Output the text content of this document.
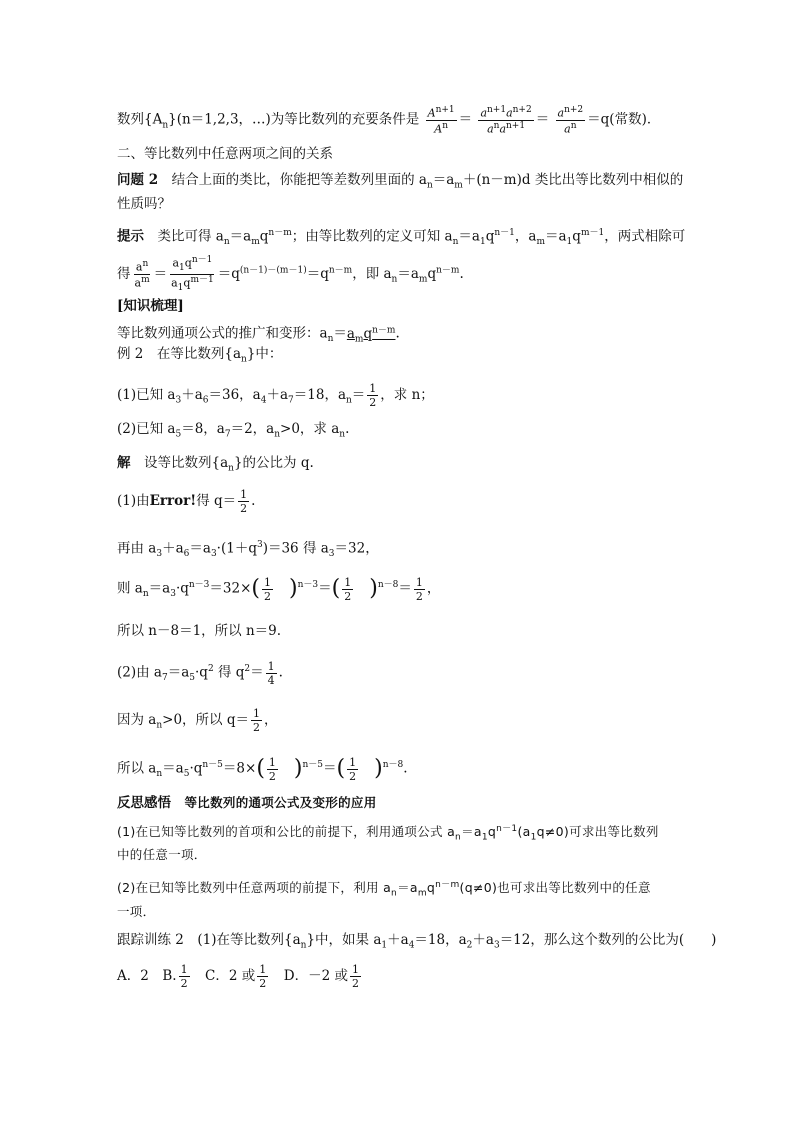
数列$\{A_n\}(n=1,2,3$，…)为等比数列的充要条件是 $\frac{A^{n+1}}{A^n} = \frac{a^{n+1}a^{n+2}}{a^na^{n+1}} = \frac{a^{n+2}}{a^n} =q$(常数)．
二、等比数列中任意两项之间的关系
问题 2　 结合上面的类比，你能把等差数列里面的 $a_n=a_m+(n-m)d$ 类比出等比数列中相似的
性质吗？
提示　 类比可得 $a_n=a_mq^{n-m}$；由等比数列的定义可知 $a_n=a_1q^{n-1}$，$a_m=a_1q^{m-1}$，两式相除可
得 $\frac{a^n}{a^m} = \frac{a_1q^{n-1}}{a_1q^{m-1}} =q^{(n-1)-(m-1)}=q^{n-m}$，即 $a_n=a_mq^{n-m}$.
[知识梳理]
等比数列通项公式的推广和变形：$a_n=a_mq^{n-m}$.
例 2　 在等比数列$\{a_n\}$中：
(1)已知 $a_3+a_6=36$，$a_4+a_7=18$，$a_n= \frac{1}{2}$ ，求 n；
(2)已知 $a_5=8$，$a_7=2$，$a_n>0$，求 $a_n$.
解　 设等比数列$\{a_n\}$的公比为 q.
(1)由Error!得 $q= \frac{1}{2}$ .
再由 $a_3+a_6=a_3\cdot(1+q^3)=36$ 得 $a_3=32$，
则 $a_n=a_3\cdot q^{n-3}=32\times( \frac{1}{2} )^{n-3}=( \frac{1}{2} )^{n-8}= \frac{1}{2}$ ，
所以 n－8＝1，所以 n＝9.
(2)由 $a_7=a_5\cdot q^2$ 得 $q^2= \frac{1}{4}$ .
因为 $a_n>0$，所以 $q= \frac{1}{2}$ ，
所以 $a_n=a_5\cdot q^{n-5}=8\times( \frac{1}{2} )^{n-5}=( \frac{1}{2} )^{n-8}$.
反思感悟　 等比数列的通项公式及变形的应用
(1)在已知等比数列的首项和公比的前提下，利用通项公式 $a_n=a_1q^{n-1}(a_1q\ne 0)$可求出等比数列
中的任意一项．
(2)在已知等比数列中任意两项的前提下，利用 $a_n=a_mq^{n-m}(q\ne 0)$也可求出等比数列中的任意
一项．
跟踪训练 2　 (1)在等比数列$\{a_n\}$中，如果 $a_1+a_4=18$，$a_2+a_3=12$，那么这个数列的公比为(　　)
A．2　B. $\frac{1}{2}$ 　C．2 或 $\frac{1}{2}$ 　D．－2 或 $\frac{1}{2}$
